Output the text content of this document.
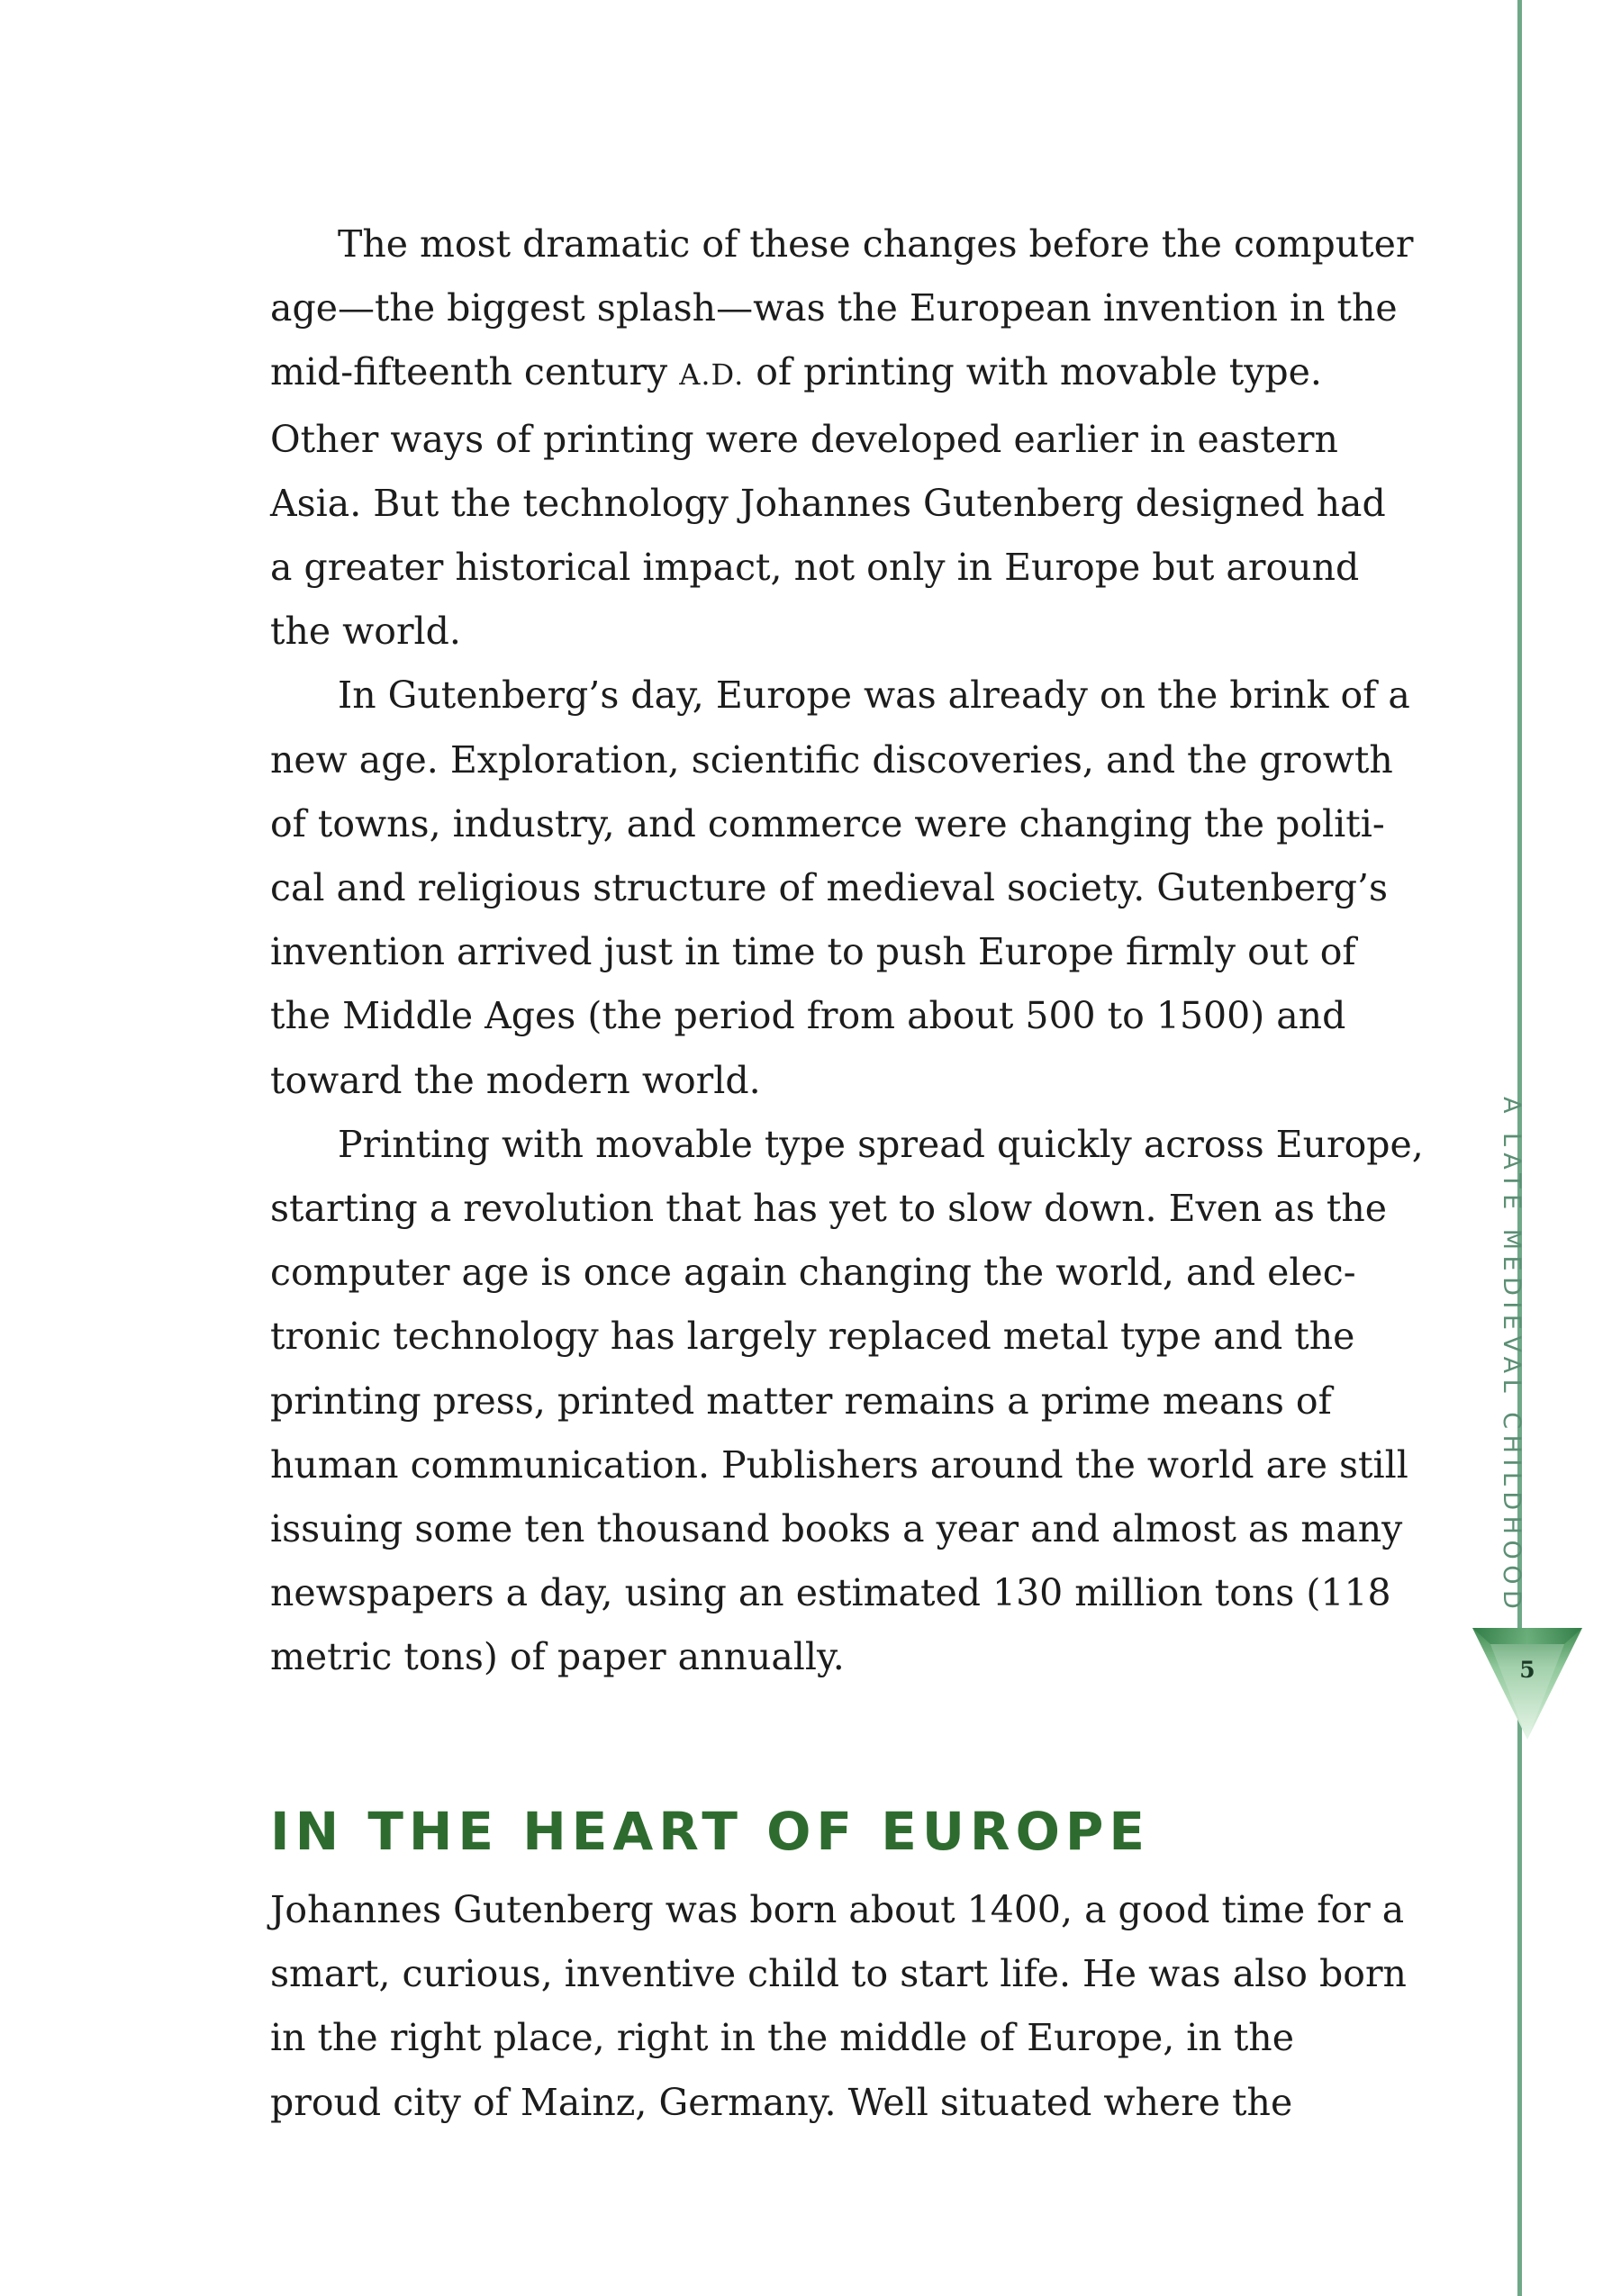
The most dramatic of these changes before the computer
age—the biggest splash—was the European invention in the
mid-fifteenth century A.D. of printing with movable type.
Other ways of printing were developed earlier in eastern
Asia. But the technology Johannes Gutenberg designed had
a greater historical impact, not only in Europe but around
the world.

In Gutenberg’s day, Europe was already on the brink of a
new age. Exploration, scientific discoveries, and the growth
of towns, industry, and commerce were changing the politi-
cal and religious structure of medieval society. Gutenberg’s
invention arrived just in time to push Europe firmly out of
the Middle Ages (the period from about 500 to 1500) and
toward the modern world.

Printing with movable type spread quickly across Europe,
starting a revolution that has yet to slow down. Even as the
computer age is once again changing the world, and elec-
tronic technology has largely replaced metal type and the
printing press, printed matter remains a prime means of
human communication. Publishers around the world are still
issuing some ten thousand books a year and almost as many
newspapers a day, using an estimated 130 million tons (118
metric tons) of paper annually.

IN THE HEART OF EUROPE

Johannes Gutenberg was born about 1400, a good time for a
smart, curious, inventive child to start life. He was also born
in the right place, right in the middle of Europe, in the
proud city of Mainz, Germany. Well situated where the

A LATE MEDIEVAL CHILDHOOD
5
